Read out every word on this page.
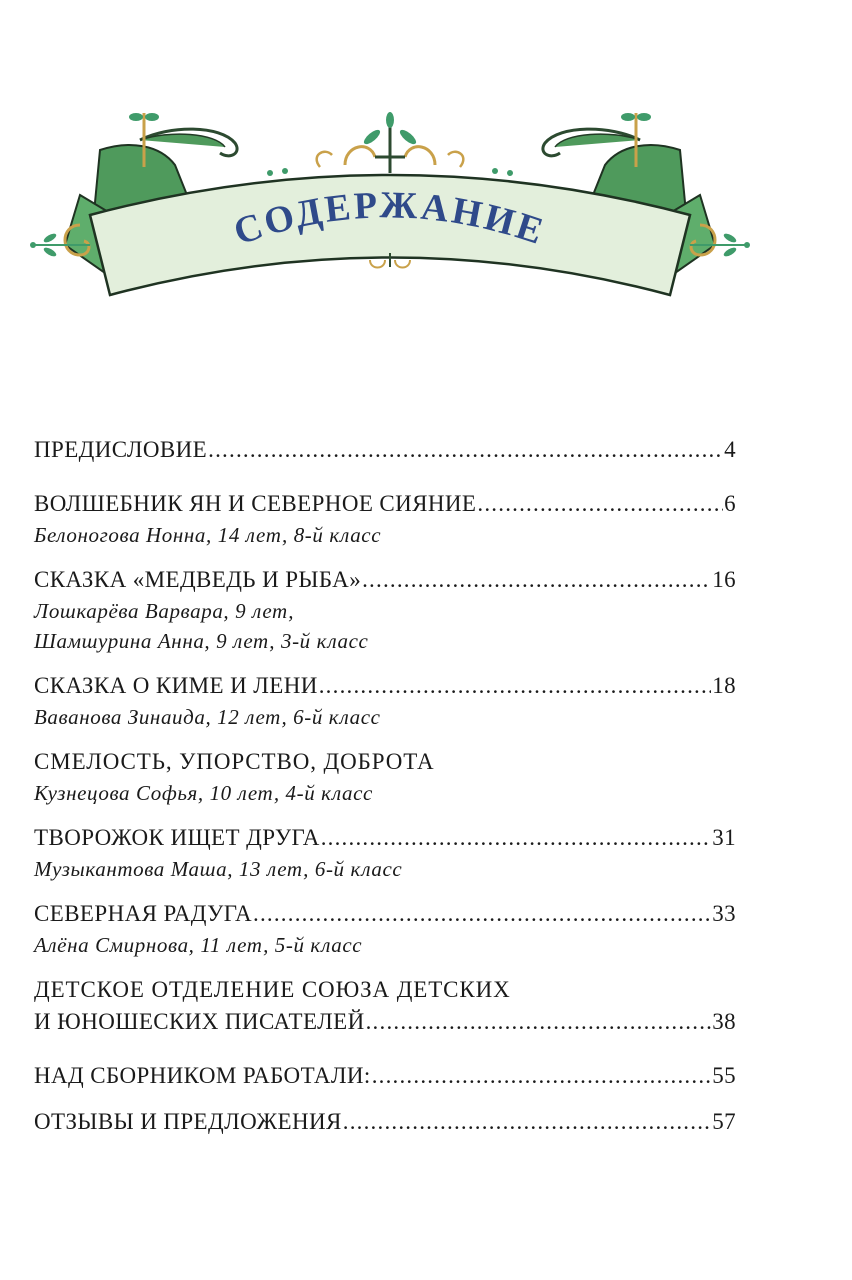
СОДЕРЖАНИЕ
ПРЕДИСЛОВИЕ .....	4
ВОЛШЕБНИК ЯН И СЕВЕРНОЕ СИЯНИЕ .....	6
Белоногова Нонна, 14 лет, 8-й класс
СКАЗКА «МЕДВЕДЬ И РЫБА» .....	16
Лошкарёва Варвара, 9 лет,
Шамшурина Анна, 9 лет, 3-й класс
СКАЗКА О КИМЕ И ЛЕНИ .....	18
Ваванова Зинаида, 12 лет, 6-й класс
СМЕЛОСТЬ, УПОРСТВО, ДОБРОТА
Кузнецова Софья, 10 лет, 4-й класс
ТВОРОЖОК ИЩЕТ ДРУГА .....	31
Музыкантова Маша, 13 лет, 6-й класс
СЕВЕРНАЯ РАДУГА .....	33
Алёна Смирнова, 11 лет, 5-й класс
ДЕТСКОЕ ОТДЕЛЕНИЕ СОЮЗА ДЕТСКИХ
И ЮНОШЕСКИХ ПИСАТЕЛЕЙ .....	38
НАД СБОРНИКОМ РАБОТАЛИ: .....	55
ОТЗЫВЫ И ПРЕДЛОЖЕНИЯ .....	57
